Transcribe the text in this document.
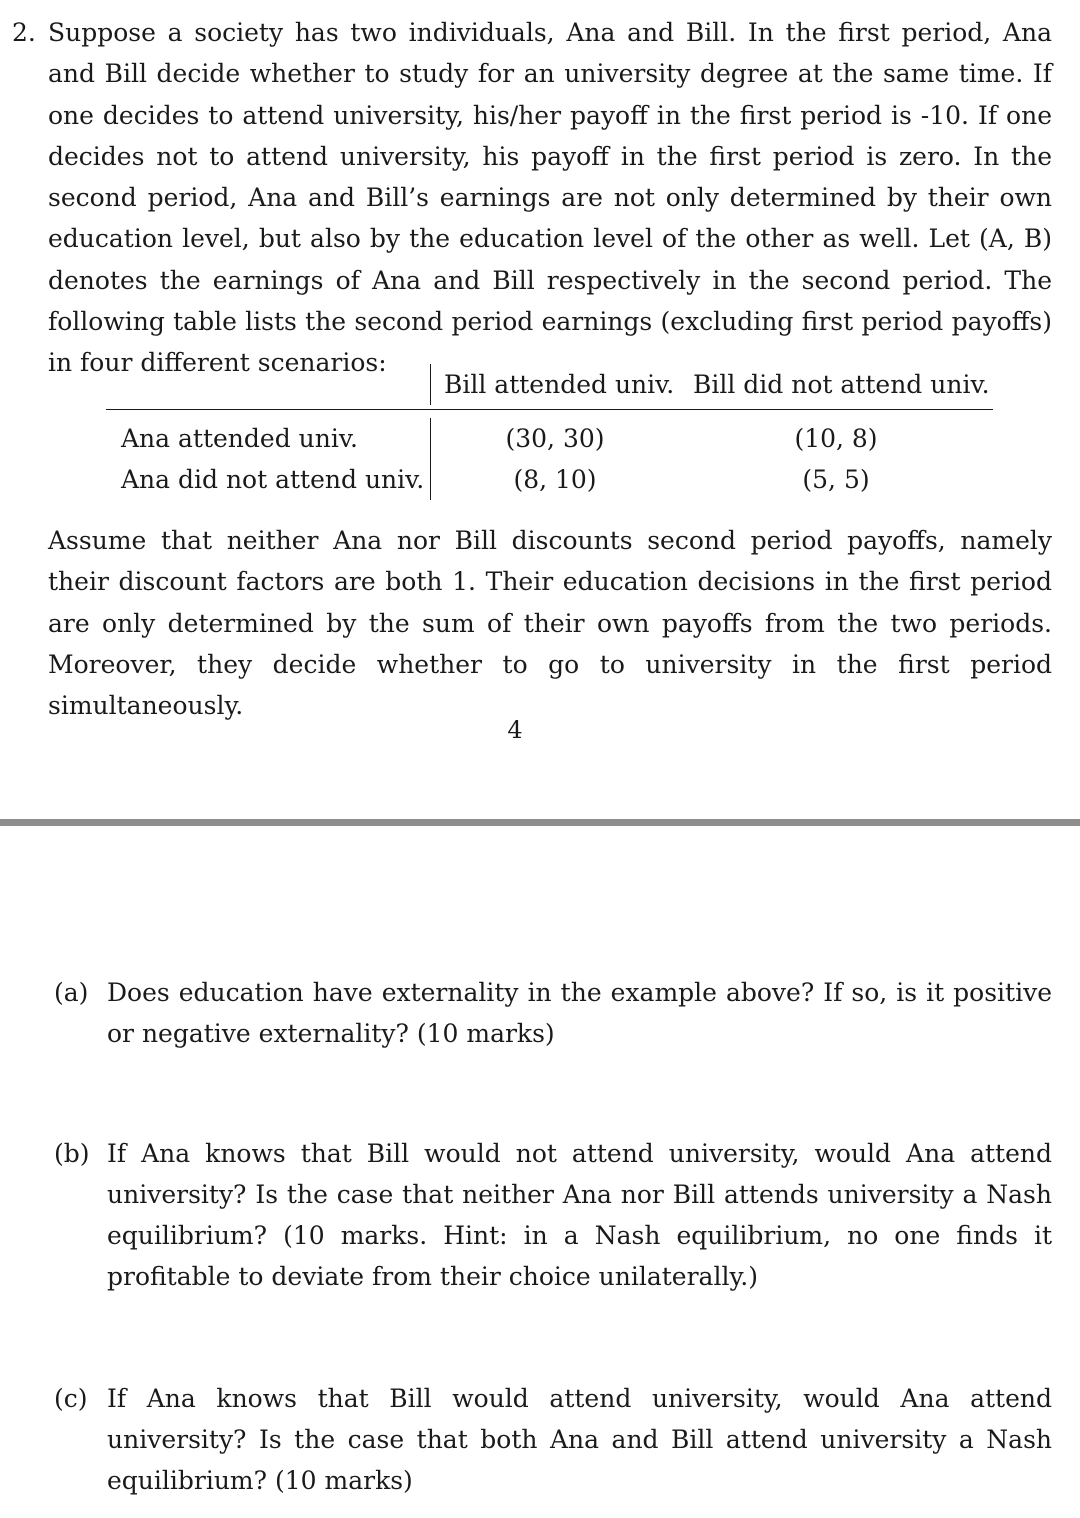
2. Suppose a society has two individuals, Ana and Bill. In the first period, Ana and Bill decide whether to study for an university degree at the same time. If one decides to attend university, his/her payoff in the first period is -10. If one decides not to attend university, his payoff in the first period is zero. In the second period, Ana and Bill’s earnings are not only determined by their own education level, but also by the education level of the other as well. Let (A, B) denotes the earnings of Ana and Bill respectively in the second period. The following table lists the second period earnings (excluding first period payoffs) in four different scenarios:
Bill attended univ. Bill did not attend univ.
Ana attended univ.	(30, 30)	(10, 8)
Ana did not attend univ.	(8, 10)	(5, 5)
Assume that neither Ana nor Bill discounts second period payoffs, namely their discount factors are both 1. Their education decisions in the first period are only determined by the sum of their own payoffs from the two periods. Moreover, they decide whether to go to university in the first period simultaneously.
4
(a) Does education have externality in the example above? If so, is it positive or negative externality? (10 marks)
(b) If Ana knows that Bill would not attend university, would Ana attend university? Is the case that neither Ana nor Bill attends university a Nash equilibrium? (10 marks. Hint: in a Nash equilibrium, no one finds it profitable to deviate from their choice unilaterally.)
(c) If Ana knows that Bill would attend university, would Ana attend university? Is the case that both Ana and Bill attend university a Nash equilibrium? (10 marks)
